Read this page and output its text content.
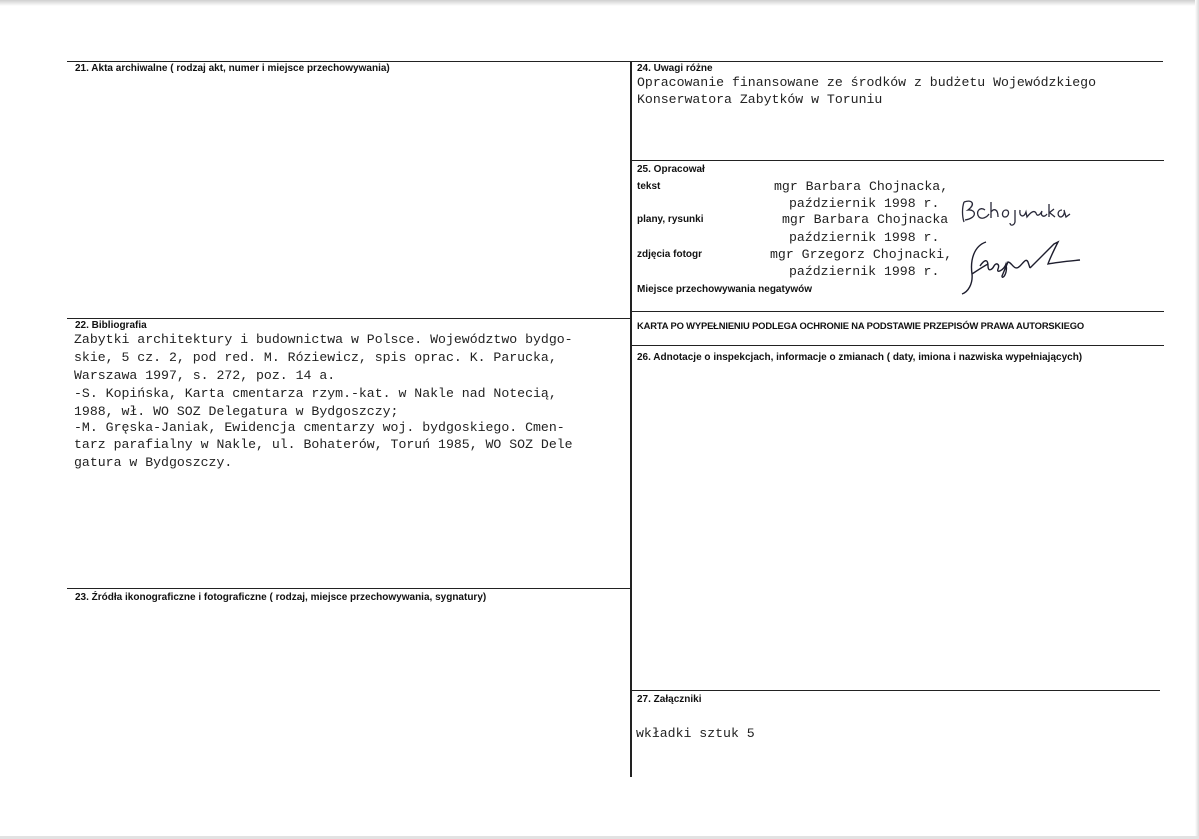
21. Akta archiwalne ( rodzaj akt, numer i miejsce przechowywania)
22. Bibliografia
Zabytki architektury i budownictwa w Polsce. Województwo bydgo-
skie, 5 cz. 2, pod red. M. Róziewicz, spis oprac. K. Parucka,
Warszawa 1997, s. 272, poz. 14 a.
-S. Kopińska, Karta cmentarza rzym.-kat. w Nakle nad Notecią,
1988, wł. WO SOZ Delegatura w Bydgoszczy;
-M. Gręska-Janiak, Ewidencja cmentarzy woj. bydgoskiego. Cmen-
tarz parafialny w Nakle, ul. Bohaterów, Toruń 1985, WO SOZ Dele
gatura w Bydgoszczy.
23. Źródła ikonograficzne i fotograficzne ( rodzaj, miejsce przechowywania, sygnatury)
24. Uwagi różne
Opracowanie finansowane ze środków z budżetu Wojewódzkiego
Konserwatora Zabytków w Toruniu
25. Opracował
tekst	mgr Barbara Chojnacka,
październik 1998 r.
plany, rysunki	mgr Barbara Chojnacka
październik 1998 r.
zdjęcia fotogr	mgr Grzegorz Chojnacki,
październik 1998 r.
Miejsce przechowywania negatywów
KARTA PO WYPEŁNIENIU PODLEGA OCHRONIE NA PODSTAWIE PRZEPISÓW PRAWA AUTORSKIEGO
26. Adnotacje o inspekcjach, informacje o zmianach ( daty, imiona i nazwiska wypełniających)
27. Załączniki
wkładki sztuk 5
